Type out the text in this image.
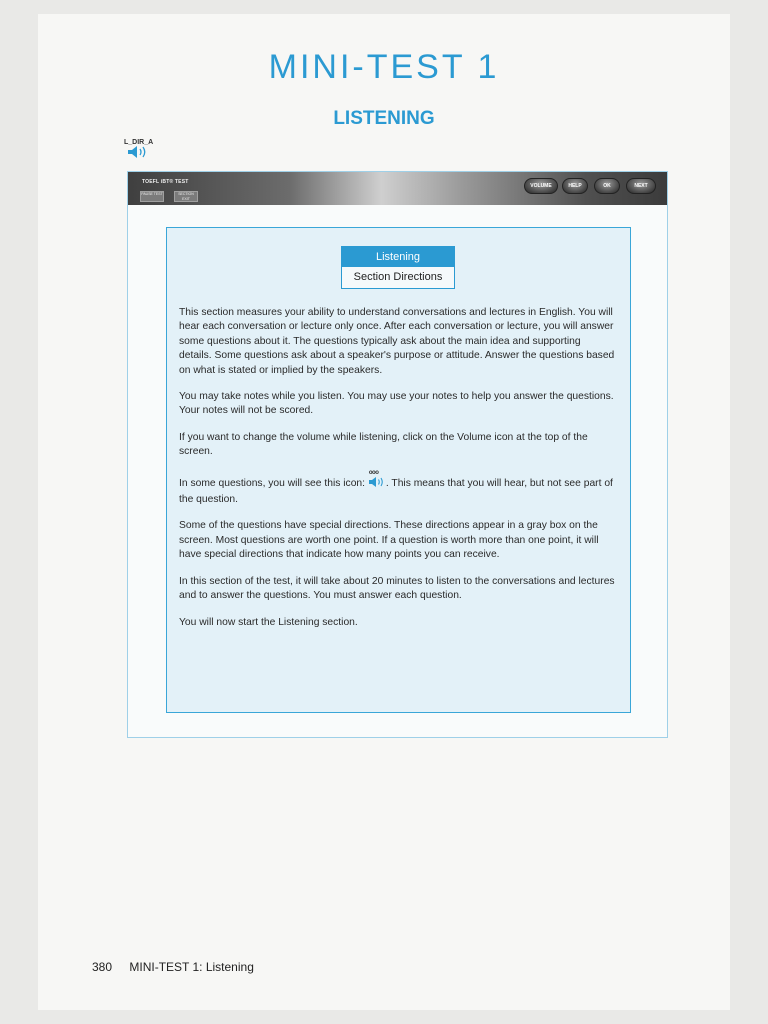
MINI-TEST 1
LISTENING
L_DIR_A
TOEFL iBT® TEST
PAUSE TEST	SECTION EXIT
VOLUME	HELP	OK	NEXT
Listening
Section Directions

This section measures your ability to understand conversations and lectures in English. You will hear each conversation or lecture only once. After each conversation or lecture, you will answer some questions about it. The questions typically ask about the main idea and supporting details. Some questions ask about a speaker's purpose or attitude. Answer the questions based on what is stated or implied by the speakers.

You may take notes while you listen. You may use your notes to help you answer the questions. Your notes will not be scored.

If you want to change the volume while listening, click on the Volume icon at the top of the screen.

In some questions, you will see this icon:
ooo
. This means that you will hear, but not see part of the question.

Some of the questions have special directions. These directions appear in a gray box on the screen. Most questions are worth one point. If a question is worth more than one point, it will have special directions that indicate how many points you can receive.

In this section of the test, it will take about 20 minutes to listen to the conversations and lectures and to answer the questions. You must answer each question.

You will now start the Listening section.

380 MINI-TEST 1: Listening
